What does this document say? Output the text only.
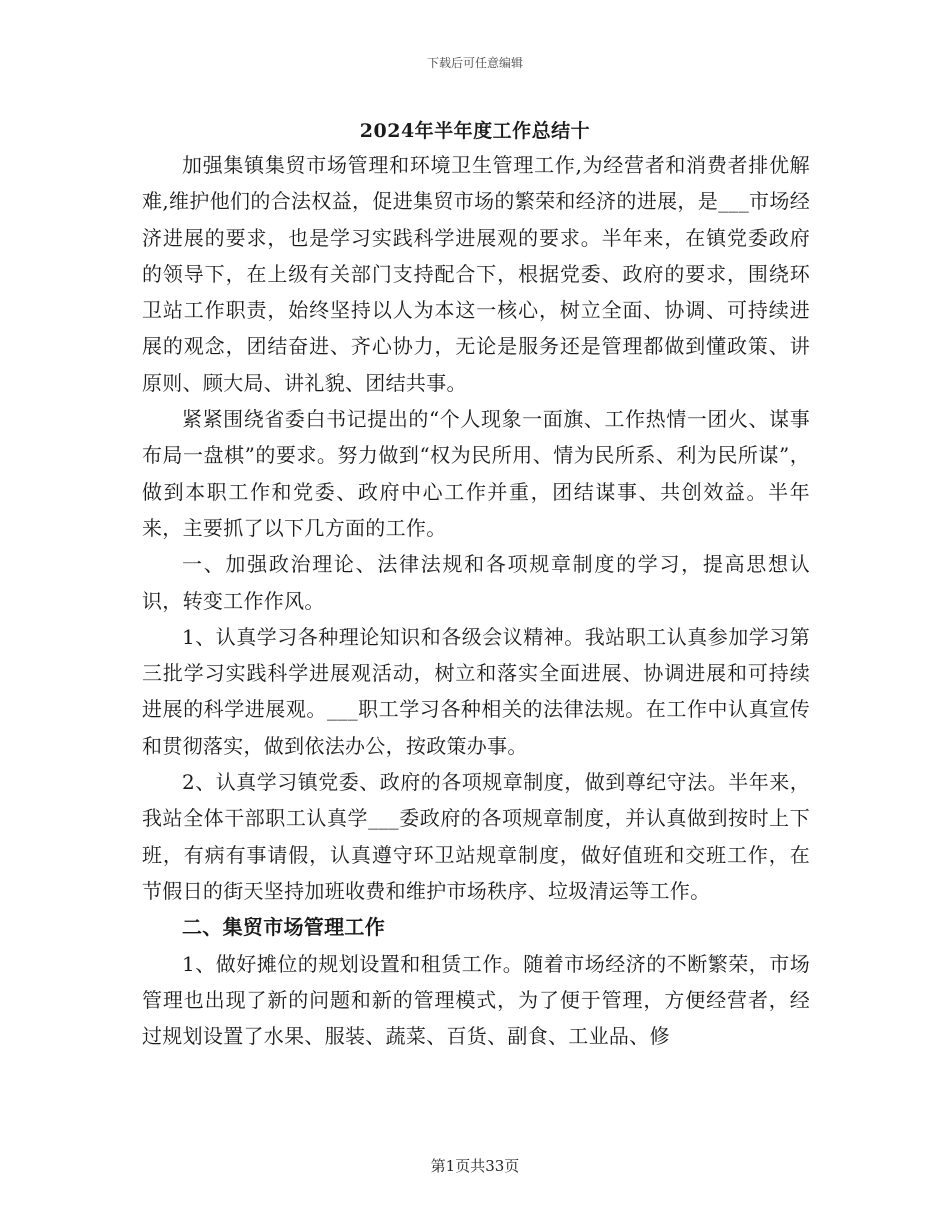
下载后可任意编辑
2024年半年度工作总结十

加强集镇集贸市场管理和环境卫生管理工作,为经营者和消费者排优解难,维护他们的合法权益，促进集贸市场的繁荣和经济的进展，是___市场经济进展的要求，也是学习实践科学进展观的要求。半年来，在镇党委政府的领导下，在上级有关部门支持配合下，根据党委、政府的要求，围绕环卫站工作职责，始终坚持以人为本这一核心，树立全面、协调、可持续进展的观念，团结奋进、齐心协力，无论是服务还是管理都做到懂政策、讲原则、顾大局、讲礼貌、团结共事。

紧紧围绕省委白书记提出的“个人现象一面旗、工作热情一团火、谋事布局一盘棋”的要求。努力做到“权为民所用、情为民所系、利为民所谋”，做到本职工作和党委、政府中心工作并重，团结谋事、共创效益。半年来，主要抓了以下几方面的工作。

一、加强政治理论、法律法规和各项规章制度的学习，提高思想认识，转变工作作风。

1、认真学习各种理论知识和各级会议精神。我站职工认真参加学习第三批学习实践科学进展观活动，树立和落实全面进展、协调进展和可持续进展的科学进展观。___职工学习各种相关的法律法规。在工作中认真宣传和贯彻落实，做到依法办公，按政策办事。

2、认真学习镇党委、政府的各项规章制度，做到尊纪守法。半年来，我站全体干部职工认真学___委政府的各项规章制度，并认真做到按时上下班，有病有事请假，认真遵守环卫站规章制度，做好值班和交班工作，在节假日的街天坚持加班收费和维护市场秩序、垃圾清运等工作。

二、集贸市场管理工作

1、做好摊位的规划设置和租赁工作。随着市场经济的不断繁荣，市场管理也出现了新的问题和新的管理模式，为了便于管理，方便经营者，经过规划设置了水果、服装、蔬菜、百货、副食、工业品、修

第1页共33页
